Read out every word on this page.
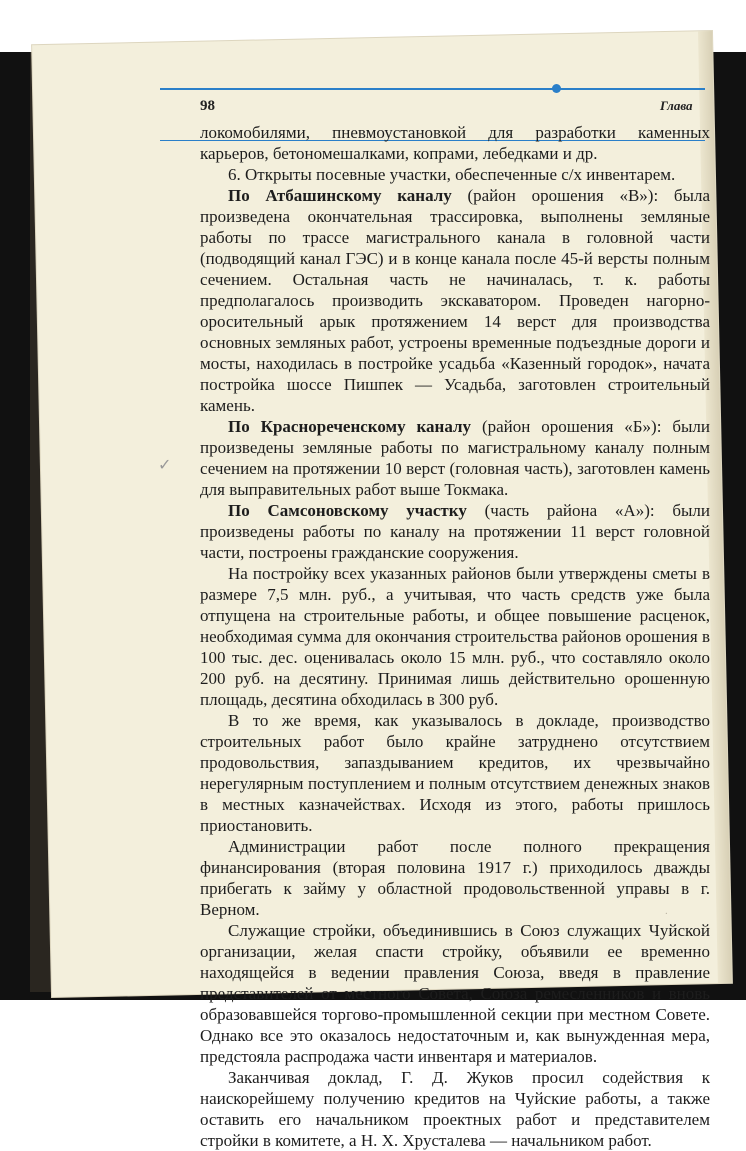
98	Глава
✓

локомобилями, пневмоустановкой для разработки каменных карьеров, бетономешалками, копрами, лебедками и др.

6. Открыты посевные участки, обеспеченные с/х инвентарем.

По Атбашинскому каналу (район орошения «В»): была произведена окончательная трассировка, выполнены земляные работы по трассе магистрального канала в головной части (подводящий канал ГЭС) и в конце канала после 45-й версты полным сечением. Остальная часть не начиналась, т. к. работы предполагалось производить экскаватором. Проведен нагорно-оросительный арык протяжением 14 верст для производства основных земляных работ, устроены временные подъездные дороги и мосты, находилась в постройке усадьба «Казенный городок», начата постройка шоссе Пишпек — Усадьба, заготовлен строительный камень.

По Краснореченскому каналу (район орошения «Б»): были произведены земляные работы по магистральному каналу полным сечением на протяжении 10 верст (головная часть), заготовлен камень для выправительных работ выше Токмака.

По Самсоновскому участку (часть района «А»): были произведены работы по каналу на протяжении 11 верст головной части, построены гражданские сооружения.

На постройку всех указанных районов были утверждены сметы в размере 7,5 млн. руб., а учитывая, что часть средств уже была отпущена на строительные работы, и общее повышение расценок, необходимая сумма для окончания строительства районов орошения в 100 тыс. дес. оценивалась около 15 млн. руб., что составляло около 200 руб. на десятину. Принимая лишь действительно орошенную площадь, десятина обходилась в 300 руб.

В то же время, как указывалось в докладе, производство строительных работ было крайне затруднено отсутствием продовольствия, запаздыванием кредитов, их чрезвычайно нерегулярным поступлением и полным отсутствием денежных знаков в местных казначействах. Исходя из этого, работы пришлось приостановить.

Администрации работ после полного прекращения финансирования (вторая половина 1917 г.) приходилось дважды прибегать к займу у областной продовольственной управы в г. Верном.

Служащие стройки, объединившись в Союз служащих Чуйской организации, желая спасти стройку, объявили ее временно находящейся в ведении правления Союза, введя в правление представителей от местного Совета, Союза ремесленников и вновь образовавшейся торгово-промышленной секции при местном Совете. Однако все это оказалось недостаточным и, как вынужденная мера, предстояла распродажа части инвентаря и материалов.

Заканчивая доклад, Г. Д. Жуков просил содействия к наискорейшему получению кредитов на Чуйские работы, а также оставить его начальником проектных работ и представителем стройки в комитете, а Н. Х. Хрусталева — начальником работ.

.
